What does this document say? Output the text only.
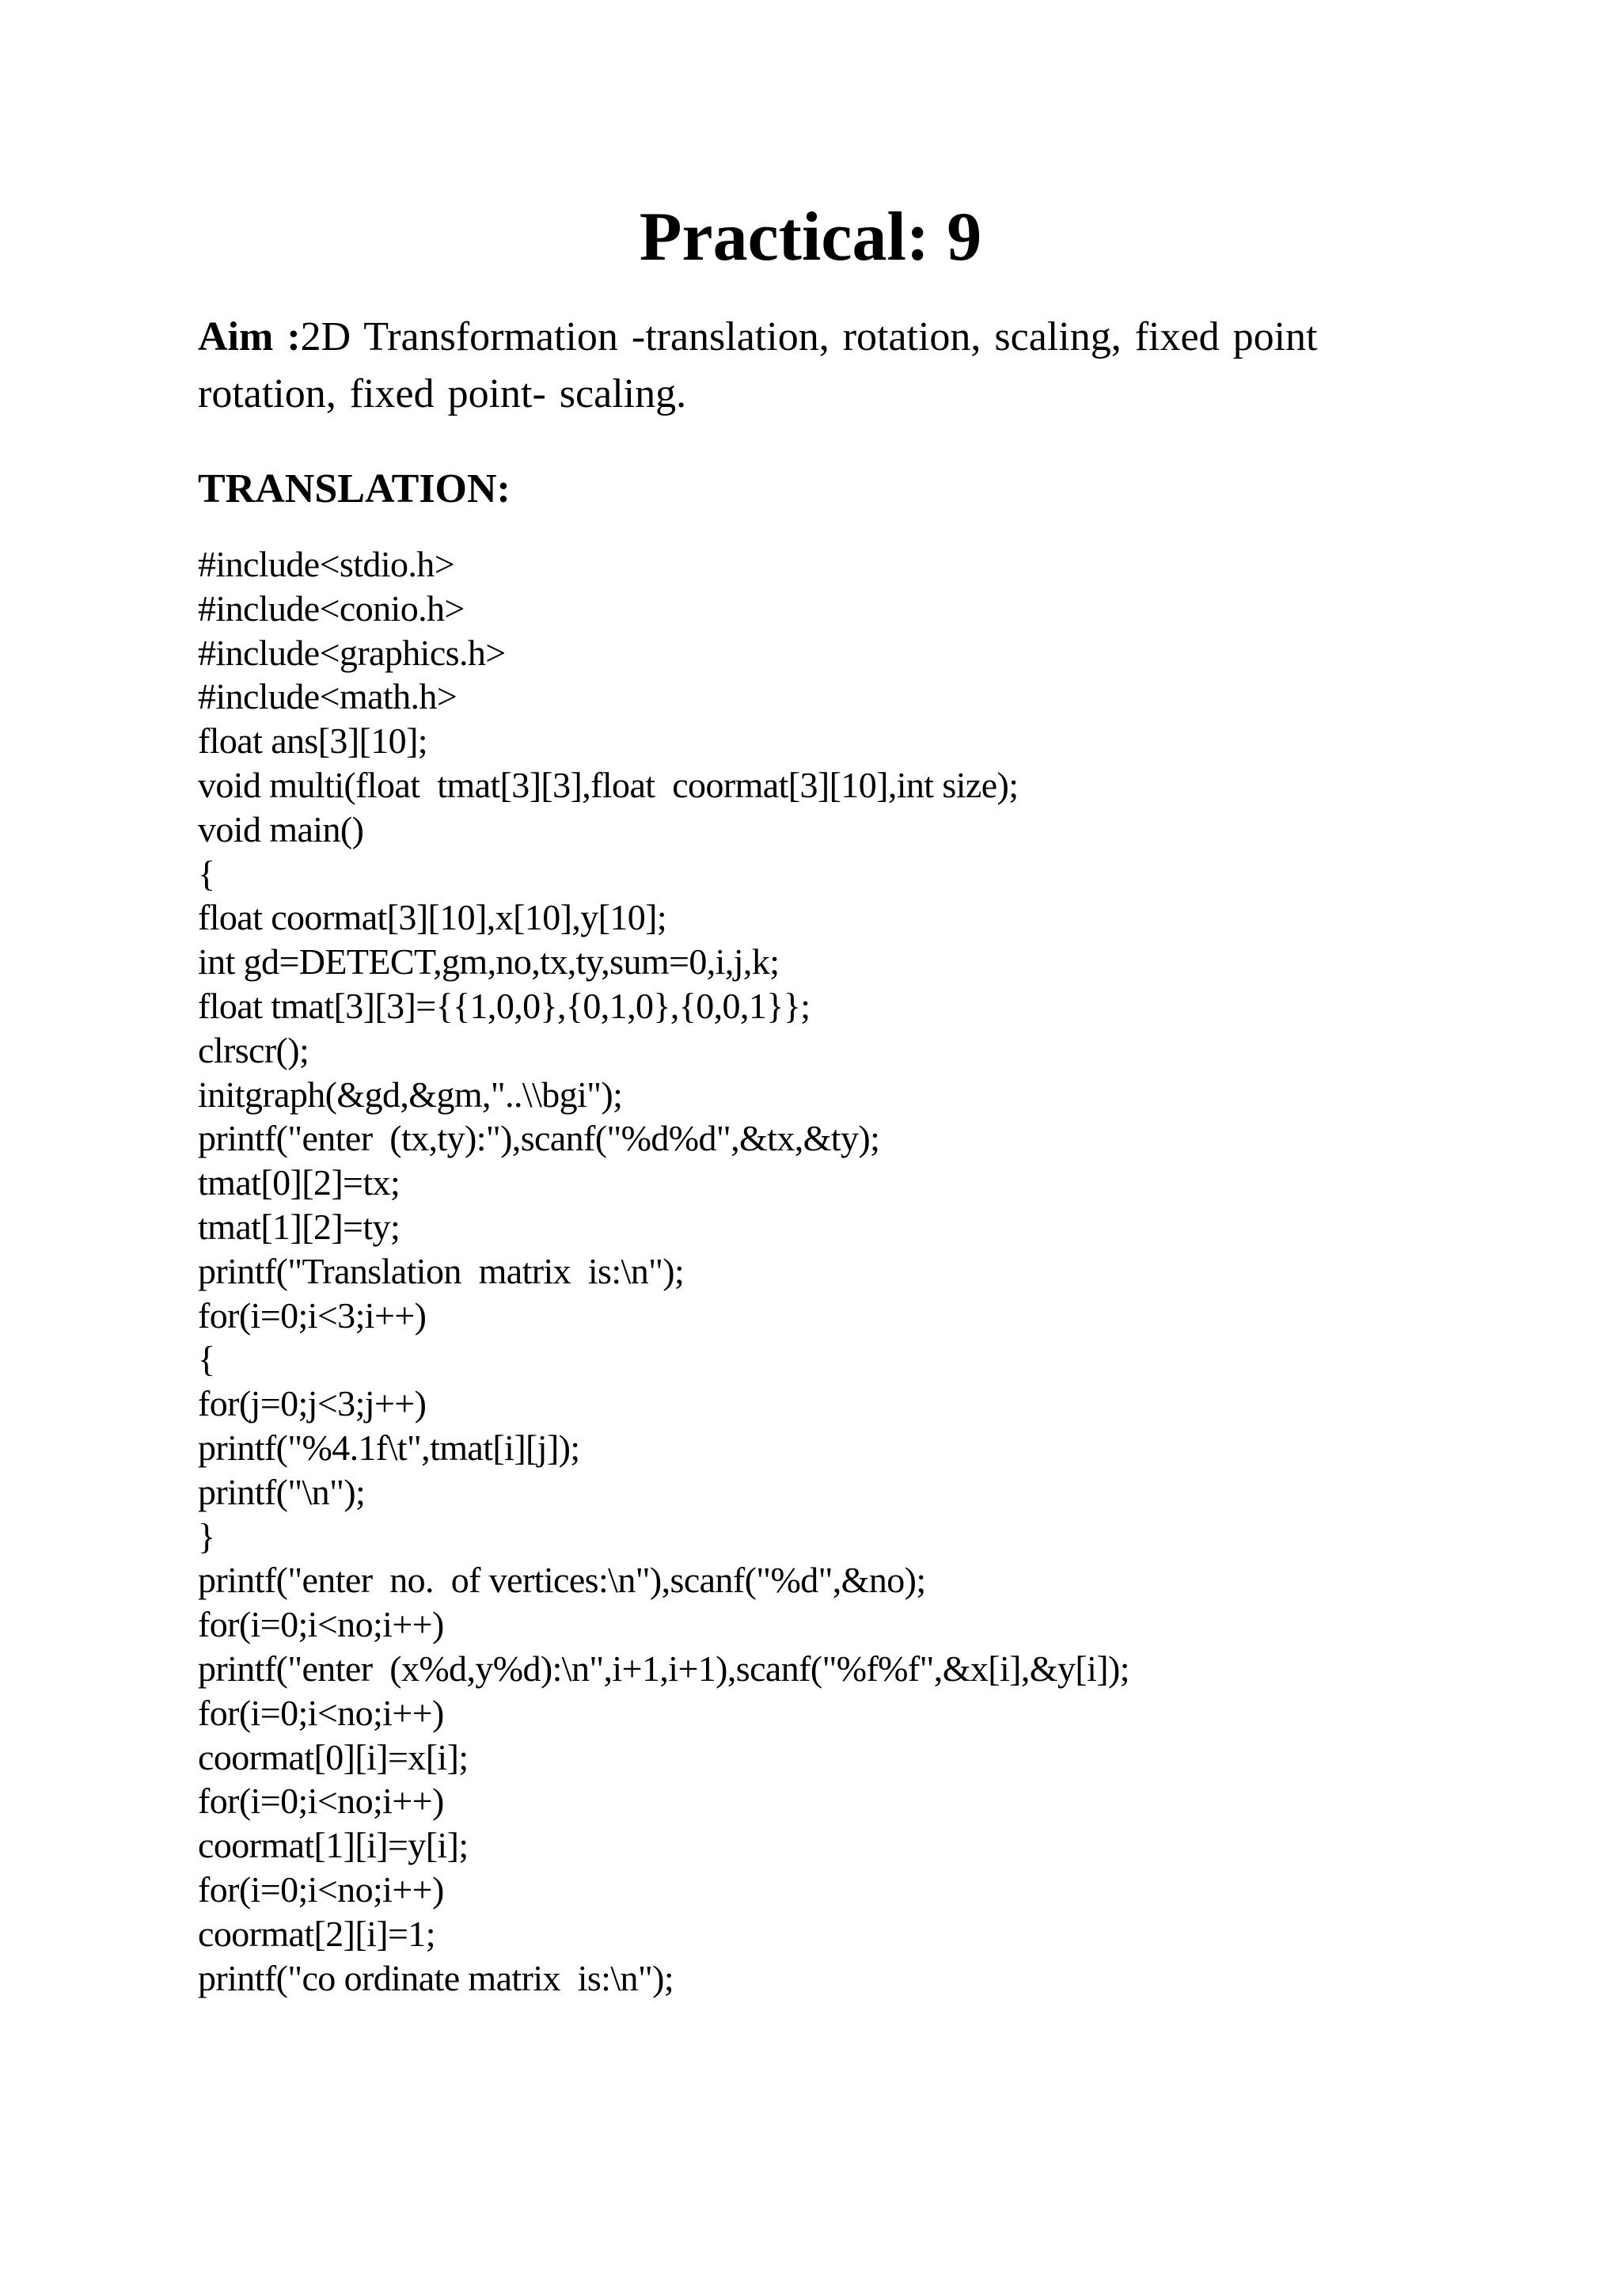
Practical: 9

Aim :2D Transformation -translation, rotation, scaling, fixed point rotation, fixed point- scaling.

TRANSLATION:
#include<stdio.h>
#include<conio.h>
#include<graphics.h>
#include<math.h>
float ans[3][10];
void multi(float  tmat[3][3],float  coormat[3][10],int size);
void main()
{
float coormat[3][10],x[10],y[10];
int gd=DETECT,gm,no,tx,ty,sum=0,i,j,k;
float tmat[3][3]={{1,0,0},{0,1,0},{0,0,1}};
clrscr();
initgraph(&gd,&gm,"..\\bgi");
printf("enter  (tx,ty):"),scanf("%d%d",&tx,&ty);
tmat[0][2]=tx;
tmat[1][2]=ty;
printf("Translation  matrix  is:\n");
for(i=0;i<3;i++)
{
for(j=0;j<3;j++)
printf("%4.1f\t",tmat[i][j]);
printf("\n");
}
printf("enter  no.  of vertices:\n"),scanf("%d",&no);
for(i=0;i<no;i++)
printf("enter  (x%d,y%d):\n",i+1,i+1),scanf("%f%f",&x[i],&y[i]);
for(i=0;i<no;i++)
coormat[0][i]=x[i];
for(i=0;i<no;i++)
coormat[1][i]=y[i];
for(i=0;i<no;i++)
coormat[2][i]=1;
printf("co ordinate matrix  is:\n");
